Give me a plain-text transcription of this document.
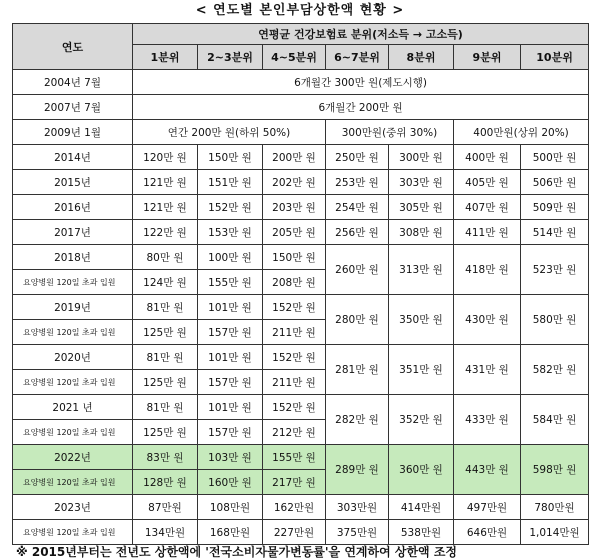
< 연도별 본인부담상한액 현황 >
연도	연평균 건강보험료 분위(저소득 → 고소득)						
	1분위	2~3분위	4~5분위	6~7분위	8분위	9분위	10분위
2004년 7월	6개월간 300만 원(제도시행)						
2007년 7월	6개월간 200만 원						
2009년 1월	연간 200만 원(하위 50%)			300만원(중위 30%)		400만원(상위 20%)	
2014년	120만 원	150만 원	200만 원	250만 원	300만 원	400만 원	500만 원
2015년	121만 원	151만 원	202만 원	253만 원	303만 원	405만 원	506만 원
2016년	121만 원	152만 원	203만 원	254만 원	305만 원	407만 원	509만 원
2017년	122만 원	153만 원	205만 원	256만 원	308만 원	411만 원	514만 원
2018년	80만 원	100만 원	150만 원	260만 원	313만 원	418만 원	523만 원
요양병원 120일 초과 입원	124만 원	155만 원	208만 원				
2019년	81만 원	101만 원	152만 원	280만 원	350만 원	430만 원	580만 원
요양병원 120일 초과 입원	125만 원	157만 원	211만 원				
2020년	81만 원	101만 원	152만 원	281만 원	351만 원	431만 원	582만 원
요양병원 120일 초과 입원	125만 원	157만 원	211만 원				
2021 년	81만 원	101만 원	152만 원	282만 원	352만 원	433만 원	584만 원
요양병원 120일 초과 입원	125만 원	157만 원	212만 원				
2022년	83만 원	103만 원	155만 원	289만 원	360만 원	443만 원	598만 원
요양병원 120일 초과 입원	128만 원	160만 원	217만 원				
2023년	87만원	108만원	162만원	303만원	414만원	497만원	780만원
요양병원 120일 초과 입원	134만원	168만원	227만원	375만원	538만원	646만원	1,014만원
※ 2015년부터는 전년도 상한액에 '전국소비자물가변동률'을 연계하여 상한액 조정
